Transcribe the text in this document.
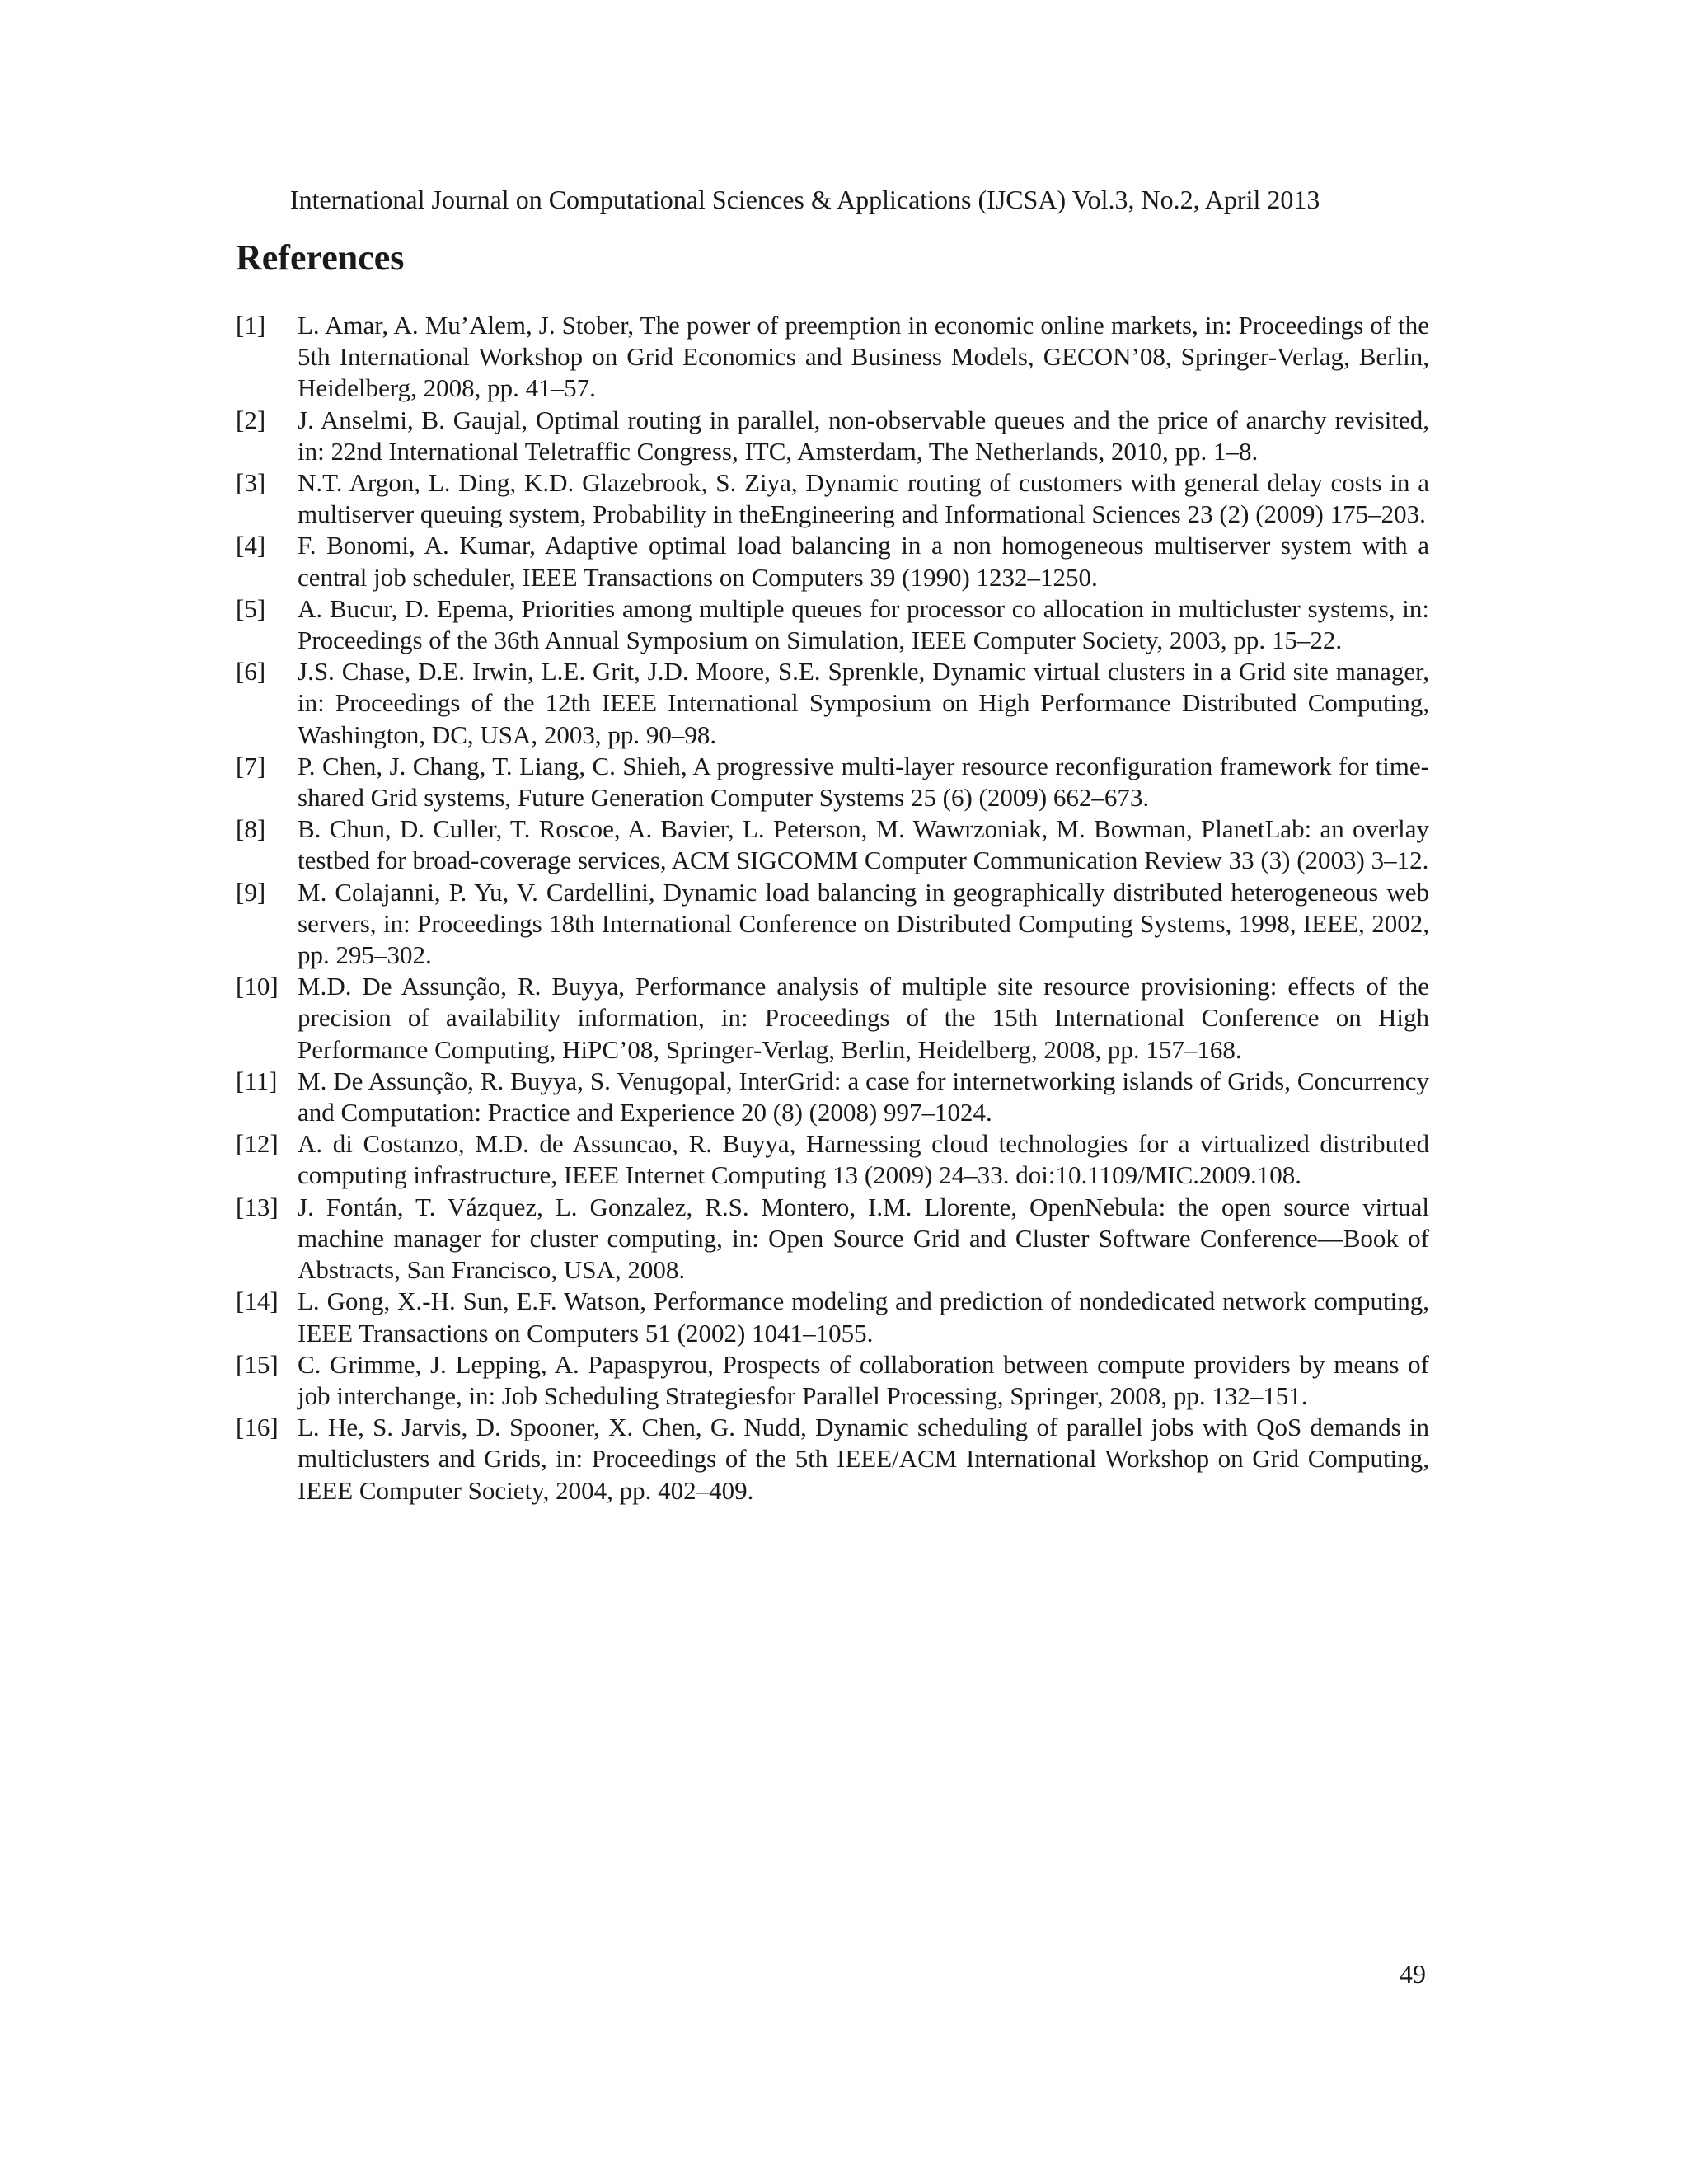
International Journal on Computational Sciences & Applications (IJCSA) Vol.3, No.2, April 2013
References
[1] L. Amar, A. Mu’Alem, J. Stober, The power of preemption in economic online markets, in: Proceedings of the 5th International Workshop on Grid Economics and Business Models, GECON’08, Springer-Verlag, Berlin, Heidelberg, 2008, pp. 41–57.
[2] J. Anselmi, B. Gaujal, Optimal routing in parallel, non-observable queues and the price of anarchy revisited, in: 22nd International Teletraffic Congress, ITC, Amsterdam, The Netherlands, 2010, pp. 1–8.
[3] N.T. Argon, L. Ding, K.D. Glazebrook, S. Ziya, Dynamic routing of customers with general delay costs in a multiserver queuing system, Probability in theEngineering and Informational Sciences 23 (2) (2009) 175–203.
[4] F. Bonomi, A. Kumar, Adaptive optimal load balancing in a non homogeneous multiserver system with a central job scheduler, IEEE Transactions on Computers 39 (1990) 1232–1250.
[5] A. Bucur, D. Epema, Priorities among multiple queues for processor co allocation in multicluster systems, in: Proceedings of the 36th Annual Symposium on Simulation, IEEE Computer Society, 2003, pp. 15–22.
[6] J.S. Chase, D.E. Irwin, L.E. Grit, J.D. Moore, S.E. Sprenkle, Dynamic virtual clusters in a Grid site manager, in: Proceedings of the 12th IEEE International Symposium on High Performance Distributed Computing, Washington, DC, USA, 2003, pp. 90–98.
[7] P. Chen, J. Chang, T. Liang, C. Shieh, A progressive multi-layer resource reconfiguration framework for time-shared Grid systems, Future Generation Computer Systems 25 (6) (2009) 662–673.
[8] B. Chun, D. Culler, T. Roscoe, A. Bavier, L. Peterson, M. Wawrzoniak, M. Bowman, PlanetLab: an overlay testbed for broad-coverage services, ACM SIGCOMM Computer Communication Review 33 (3) (2003) 3–12.
[9] M. Colajanni, P. Yu, V. Cardellini, Dynamic load balancing in geographically distributed heterogeneous web servers, in: Proceedings 18th International Conference on Distributed Computing Systems, 1998, IEEE, 2002, pp. 295–302.
[10] M.D. De Assunção, R. Buyya, Performance analysis of multiple site resource provisioning: effects of the precision of availability information, in: Proceedings of the 15th International Conference on High Performance Computing, HiPC’08, Springer-Verlag, Berlin, Heidelberg, 2008, pp. 157–168.
[11] M. De Assunção, R. Buyya, S. Venugopal, InterGrid: a case for internetworking islands of Grids, Concurrency and Computation: Practice and Experience 20 (8) (2008) 997–1024.
[12] A. di Costanzo, M.D. de Assuncao, R. Buyya, Harnessing cloud technologies for a virtualized distributed computing infrastructure, IEEE Internet Computing 13 (2009) 24–33. doi:10.1109/MIC.2009.108.
[13] J. Fontán, T. Vázquez, L. Gonzalez, R.S. Montero, I.M. Llorente, OpenNebula: the open source virtual machine manager for cluster computing, in: Open Source Grid and Cluster Software Conference—Book of Abstracts, San Francisco, USA, 2008.
[14] L. Gong, X.-H. Sun, E.F. Watson, Performance modeling and prediction of nondedicated network computing, IEEE Transactions on Computers 51 (2002) 1041–1055.
[15] C. Grimme, J. Lepping, A. Papaspyrou, Prospects of collaboration between compute providers by means of job interchange, in: Job Scheduling Strategiesfor Parallel Processing, Springer, 2008, pp. 132–151.
[16] L. He, S. Jarvis, D. Spooner, X. Chen, G. Nudd, Dynamic scheduling of parallel jobs with QoS demands in multiclusters and Grids, in: Proceedings of the 5th IEEE/ACM International Workshop on Grid Computing, IEEE Computer Society, 2004, pp. 402–409.
49
